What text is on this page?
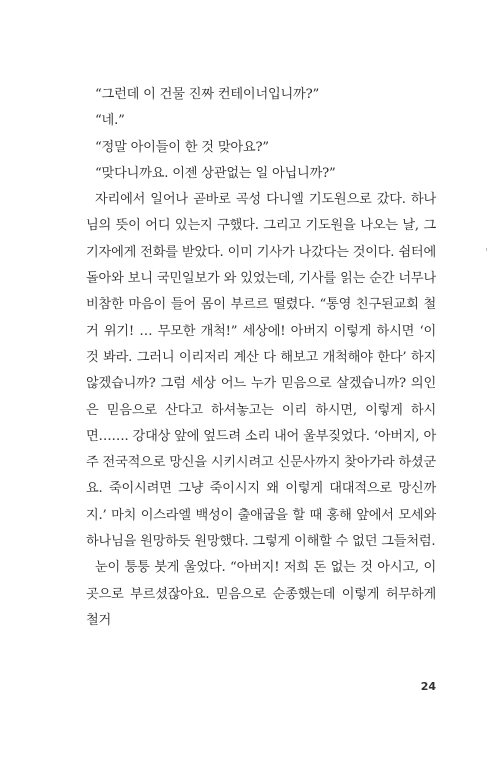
“그런데 이 건물 진짜 컨테이너입니까?”

“네.”

“정말 아이들이 한 것 맞아요?”

“맞다니까요. 이젠 상관없는 일 아닙니까?”

자리에서 일어나 곧바로 곡성 다니엘 기도원으로 갔다. 하나님의 뜻이 어디 있는지 구했다. 그리고 기도원을 나오는 날, 그 기자에게 전화를 받았다. 이미 기사가 나갔다는 것이다. 쉼터에 돌아와 보니 국민일보가 와 있었는데, 기사를 읽는 순간 너무나 비참한 마음이 들어 몸이 부르르 떨렸다. “통영 친구된교회 철거 위기! … 무모한 개척!” 세상에! 아버지 이렇게 하시면 ‘이것 봐라. 그러니 이리저리 계산 다 해보고 개척해야 한다’ 하지 않겠습니까? 그럼 세상 어느 누가 믿음으로 살겠습니까? 의인은 믿음으로 산다고 하셔놓고는 이리 하시면, 이렇게 하시면……. 강대상 앞에 엎드려 소리 내어 울부짖었다. ‘아버지, 아주 전국적으로 망신을 시키시려고 신문사까지 찾아가라 하셨군요. 죽이시려면 그냥 죽이시지 왜 이렇게 대대적으로 망신까지.’ 마치 이스라엘 백성이 출애굽을 할 때 홍해 앞에서 모세와 하나님을 원망하듯 원망했다. 그렇게 이해할 수 없던 그들처럼.

눈이 퉁퉁 붓게 울었다. “아버지! 저희 돈 없는 것 아시고, 이곳으로 부르셨잖아요. 믿음으로 순종했는데 이렇게 허무하게 철거

24
